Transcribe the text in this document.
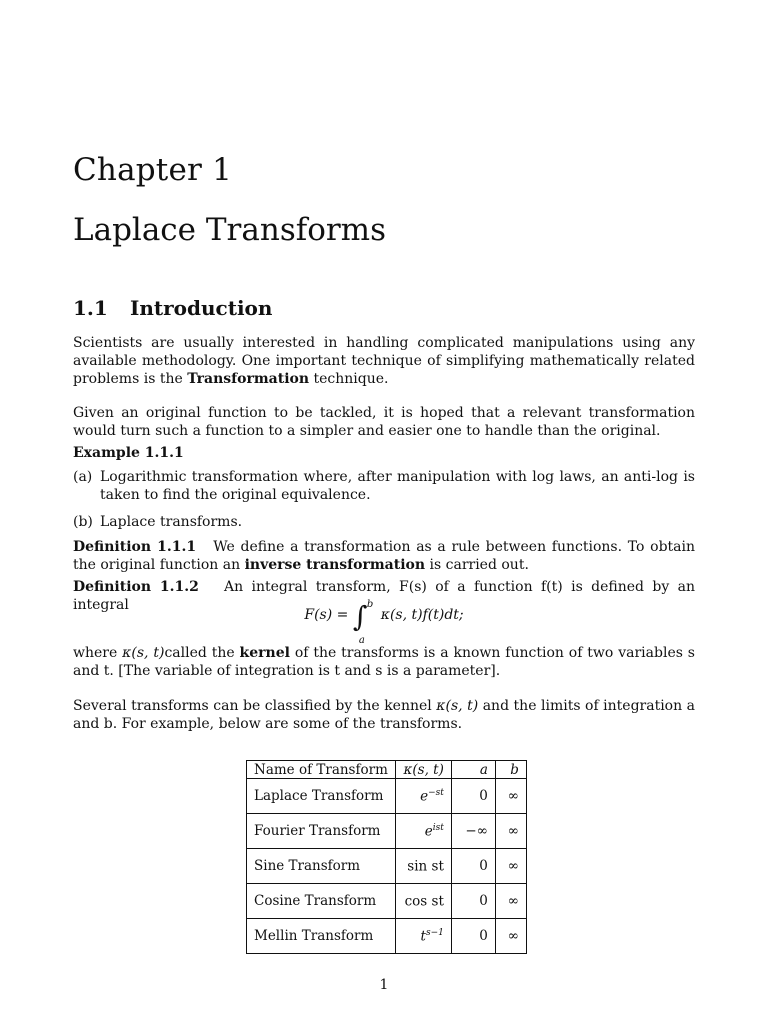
Chapter 1
Laplace Transforms
1.1 Introduction
Scientists are usually interested in handling complicated manipulations using any available methodology. One important technique of simplifying mathematically related problems is the Transformation technique.
Given an original function to be tackled, it is hoped that a relevant transformation would turn such a function to a simpler and easier one to handle than the original.
Example 1.1.1
(a) Logarithmic transformation where, after manipulation with log laws, an anti-log is taken to find the original equivalence.
(b) Laplace transforms.
Definition 1.1.1 We define a transformation as a rule between functions. To obtain the original function an inverse transformation is carried out.
Definition 1.1.2 An integral transform, F(s) of a function f(t) is defined by an integral
F(s) = ∫ b
a
κ(s, t)f(t)dt;
where κ(s, t)called the kernel of the transforms is a known function of two variables s and t. [The variable of integration is t and s is a parameter].
Several transforms can be classified by the kennel κ(s, t) and the limits of integration a and b. For example, below are some of the transforms.
Name of Transform	κ(s, t)	a	b
Laplace Transform	$e^{-st}$	0	∞
Fourier Transform	$e^{ist}$	−∞	∞
Sine Transform	sin st	0	∞
Cosine Transform	cos st	0	∞
Mellin Transform	$t^{s-1}$	0	∞
1
